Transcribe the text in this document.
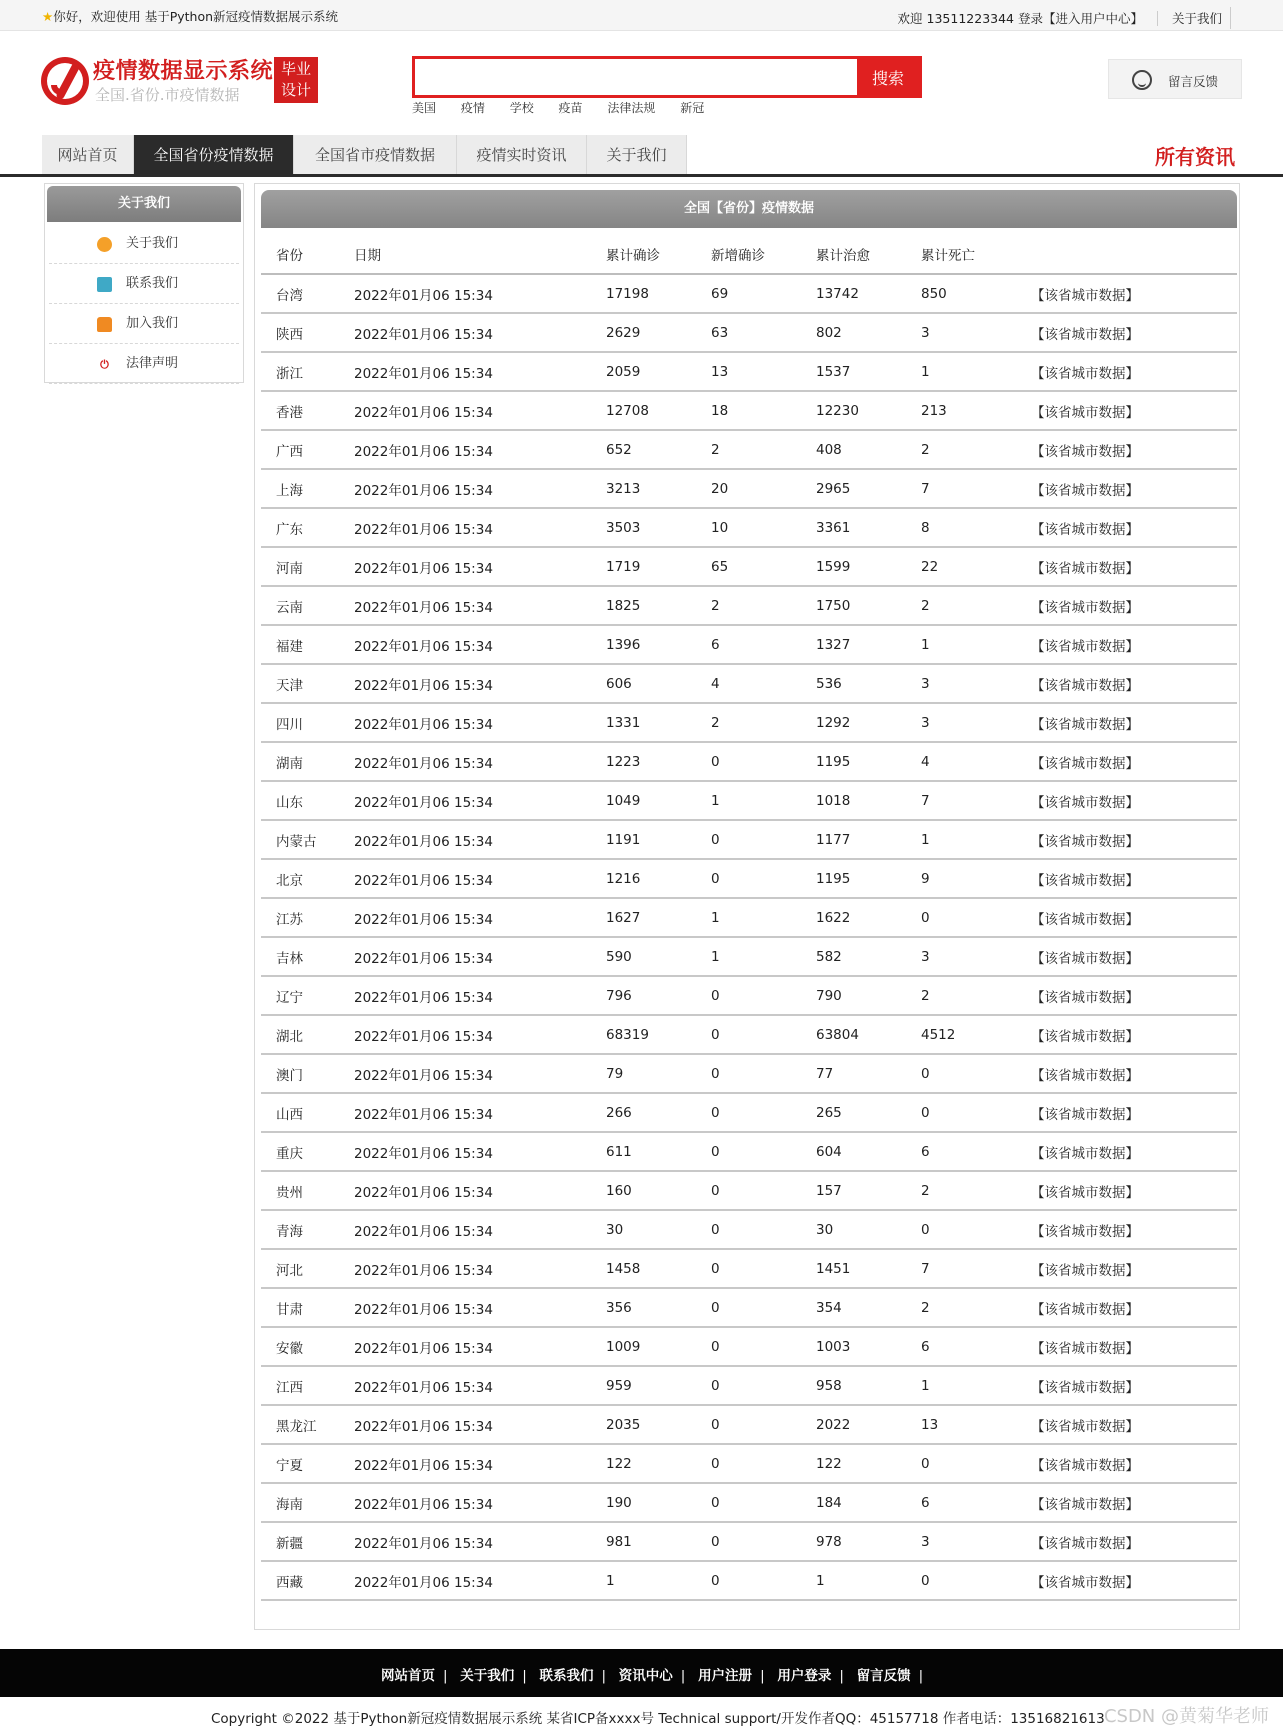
★你好，欢迎使用 基于Python新冠疫情数据展示系统	欢迎 13511223344 登录【进入用户中心】 关于我们
疫情数据显示系统
全国.省份.市疫情数据
毕业
设计
搜索
美国 疫情 学校 疫苗 法律法规 新冠
留言反馈
网站首页	全国省份疫情数据	全国省市疫情数据	疫情实时资讯	关于我们	所有资讯
关于我们
关于我们
联系我们
加入我们
⏻ 法律声明
全国【省份】疫情数据
省份	日期	累计确诊	新增确诊	累计治愈	累计死亡	
台湾	2022年01月06 15:34	17198	69	13742	850	【该省城市数据】
陕西	2022年01月06 15:34	2629	63	802	3	【该省城市数据】
浙江	2022年01月06 15:34	2059	13	1537	1	【该省城市数据】
香港	2022年01月06 15:34	12708	18	12230	213	【该省城市数据】
广西	2022年01月06 15:34	652	2	408	2	【该省城市数据】
上海	2022年01月06 15:34	3213	20	2965	7	【该省城市数据】
广东	2022年01月06 15:34	3503	10	3361	8	【该省城市数据】
河南	2022年01月06 15:34	1719	65	1599	22	【该省城市数据】
云南	2022年01月06 15:34	1825	2	1750	2	【该省城市数据】
福建	2022年01月06 15:34	1396	6	1327	1	【该省城市数据】
天津	2022年01月06 15:34	606	4	536	3	【该省城市数据】
四川	2022年01月06 15:34	1331	2	1292	3	【该省城市数据】
湖南	2022年01月06 15:34	1223	0	1195	4	【该省城市数据】
山东	2022年01月06 15:34	1049	1	1018	7	【该省城市数据】
内蒙古	2022年01月06 15:34	1191	0	1177	1	【该省城市数据】
北京	2022年01月06 15:34	1216	0	1195	9	【该省城市数据】
江苏	2022年01月06 15:34	1627	1	1622	0	【该省城市数据】
吉林	2022年01月06 15:34	590	1	582	3	【该省城市数据】
辽宁	2022年01月06 15:34	796	0	790	2	【该省城市数据】
湖北	2022年01月06 15:34	68319	0	63804	4512	【该省城市数据】
澳门	2022年01月06 15:34	79	0	77	0	【该省城市数据】
山西	2022年01月06 15:34	266	0	265	0	【该省城市数据】
重庆	2022年01月06 15:34	611	0	604	6	【该省城市数据】
贵州	2022年01月06 15:34	160	0	157	2	【该省城市数据】
青海	2022年01月06 15:34	30	0	30	0	【该省城市数据】
河北	2022年01月06 15:34	1458	0	1451	7	【该省城市数据】
甘肃	2022年01月06 15:34	356	0	354	2	【该省城市数据】
安徽	2022年01月06 15:34	1009	0	1003	6	【该省城市数据】
江西	2022年01月06 15:34	959	0	958	1	【该省城市数据】
黑龙江	2022年01月06 15:34	2035	0	2022	13	【该省城市数据】
宁夏	2022年01月06 15:34	122	0	122	0	【该省城市数据】
海南	2022年01月06 15:34	190	0	184	6	【该省城市数据】
新疆	2022年01月06 15:34	981	0	978	3	【该省城市数据】
西藏	2022年01月06 15:34	1	0	1	0	【该省城市数据】
网站首页 | 关于我们 | 联系我们 | 资讯中心 | 用户注册 | 用户登录 | 留言反馈 |
Copyright ©2022 基于Python新冠疫情数据展示系统 某省ICP备xxxx号 Technical support/开发作者QQ：45157718 作者电话：13516821613 CSDN @黄菊华老师
